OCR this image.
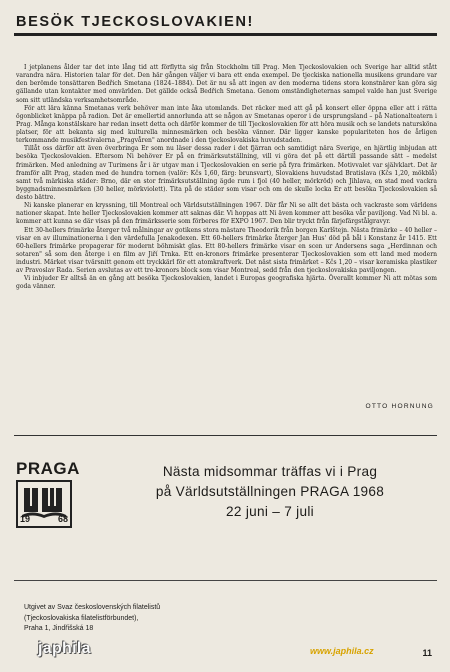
BESÖK TJECKOSLOVAKIEN!

I jetplanens ålder tar det inte lång tid att förflytta sig från Stockholm till Prag. Men Tjeckoslovakien och Sverige har alltid stått varandra nära. Historien talar för det. Den här gången väljer vi bara ett enda exempel. De tjeckiska nationella musikens grundare var den berömde tonsättaren Bedřich Smetana (1824–1884). Det är nu så att ingen av den moderna tidens stora konstnärer kan göra sig gällande utan kontakter med omvärlden. Det gällde också Bedřich Smetana. Genom omständigheternas sampel valde han just Sverige som sitt utländska verksamhetsområde.

För att lära känna Smetanas verk behöver man inte åka utomlands. Det räcker med att gå på konsert eller öppna eller att i rätta ögonblicket knäppa på radion. Det är emellertid annorlunda att se någon av Smetanas operor i de ursprungsland – på Nationalteatern i Prag. Många konstälskare har redan insett detta och därför kommer de till Tjeckoslovakien för att höra musik och se landets naturskönа platser, för att bekanta sig med kulturella minnesmärken och besöka vänner. Där ligger kanske populariteten hos de årligen terkommande musikfestivalerna „Pragvåren" anordnade i den tjeckoslovakiska huvudstaden.

Tillåt oss därför att även överbringa Er som nu läser dessa rader i det fjärran och samtidigt nära Sverige, en hjärtlig inbjudan att besöka Tjeckoslovakien. Eftersom Ni behöver Er på en frimärksutställning, vill vi göra det på ett därtill passande sätt – medelst frimärken. Med anledning av Turimens år i är utgav man i Tjeckoslovakien en serie på fyra frimärken. Motivvalet var självklart. Det är framför allt Prag, staden med de hundra tornen (valör: Kčs 1,60, färg: brunsvart), Slovakiens huvudstad Bratislava (Kčs 1,20, mökblå) samt två märkiska städer: Brno, där en stor frimärksutställning ägde rum i fjol (40 heller, mörkröd) och Jihlava, en stad med vackra byggnadsminnesmärken (30 heller, mörkviolett). Tita på de städer som visar och om de skulle locka Er att besöka Tjeckoslovakien så desto bättre.

Ni kanske planerar en kryssning, till Montreal och Världsutställningen 1967. Där får Ni se allt det bästa och vackraste som världens nationer skapat. Inte heller Tjeckoslovakien kommer att saknas där. Vi hoppas att Ni även kommer att besöka vår paviljong. Vad Ni bl. a. kommer att kunna se där visas på den frimärksserie som förberes för EXPO 1967. Den blir tryckt från färjefärgstålgravyr.

Ett 30-hellers frimärke återger två målningar av gotikens stora mästare Theodorik från borgen Karlštejn. Nästa frimärke – 40 heller – visar en av illuminationerna i den värdefulla Jenakodexen. Ett 60-hellers frimärke återger Jan Hus' död på bål i Konstanz år 1415. Ett 60-hellers frimärke propagerar för modernt böhmiskt glas. Ett 80-hellers frimärke visar en scen ur Andersens saga „Herdinnan och sotaren" så som den återge i en film av Jiří Trnka. Ett en-kronors frimärke presenterar Tjeckoslovakien som ett land med modern industri. Märket visar tvärsnitt genom ett tryckkärl för ett atomkraftverk. Det näst sista frimärket – Kčs 1,20 – visar keramiska plastiker av Pravoslav Rada. Serien avslutas av ett tre-kronors block som visar Montreal, sedd från den tjeckoslovakiska paviljongen.

Vi inbjuder Er alltså än en gång att besöka Tjeckoslovakien, landet i Europas geografiska hjärta. Överallt kommer Ni att mötas som goda vänner.

OTTO HORNUNG
PRAGA
19	68
Nästa midsommar träffas vi i Prag
på Världsutställningen PRAGA 1968
22 juni – 7 juli
Utgivet av Svaz československých filatelistů
(Tjeckoslovakiska filatelistförbundet),
Praha 1, Jindřišská 18
japhila	www.japhila.cz	11
